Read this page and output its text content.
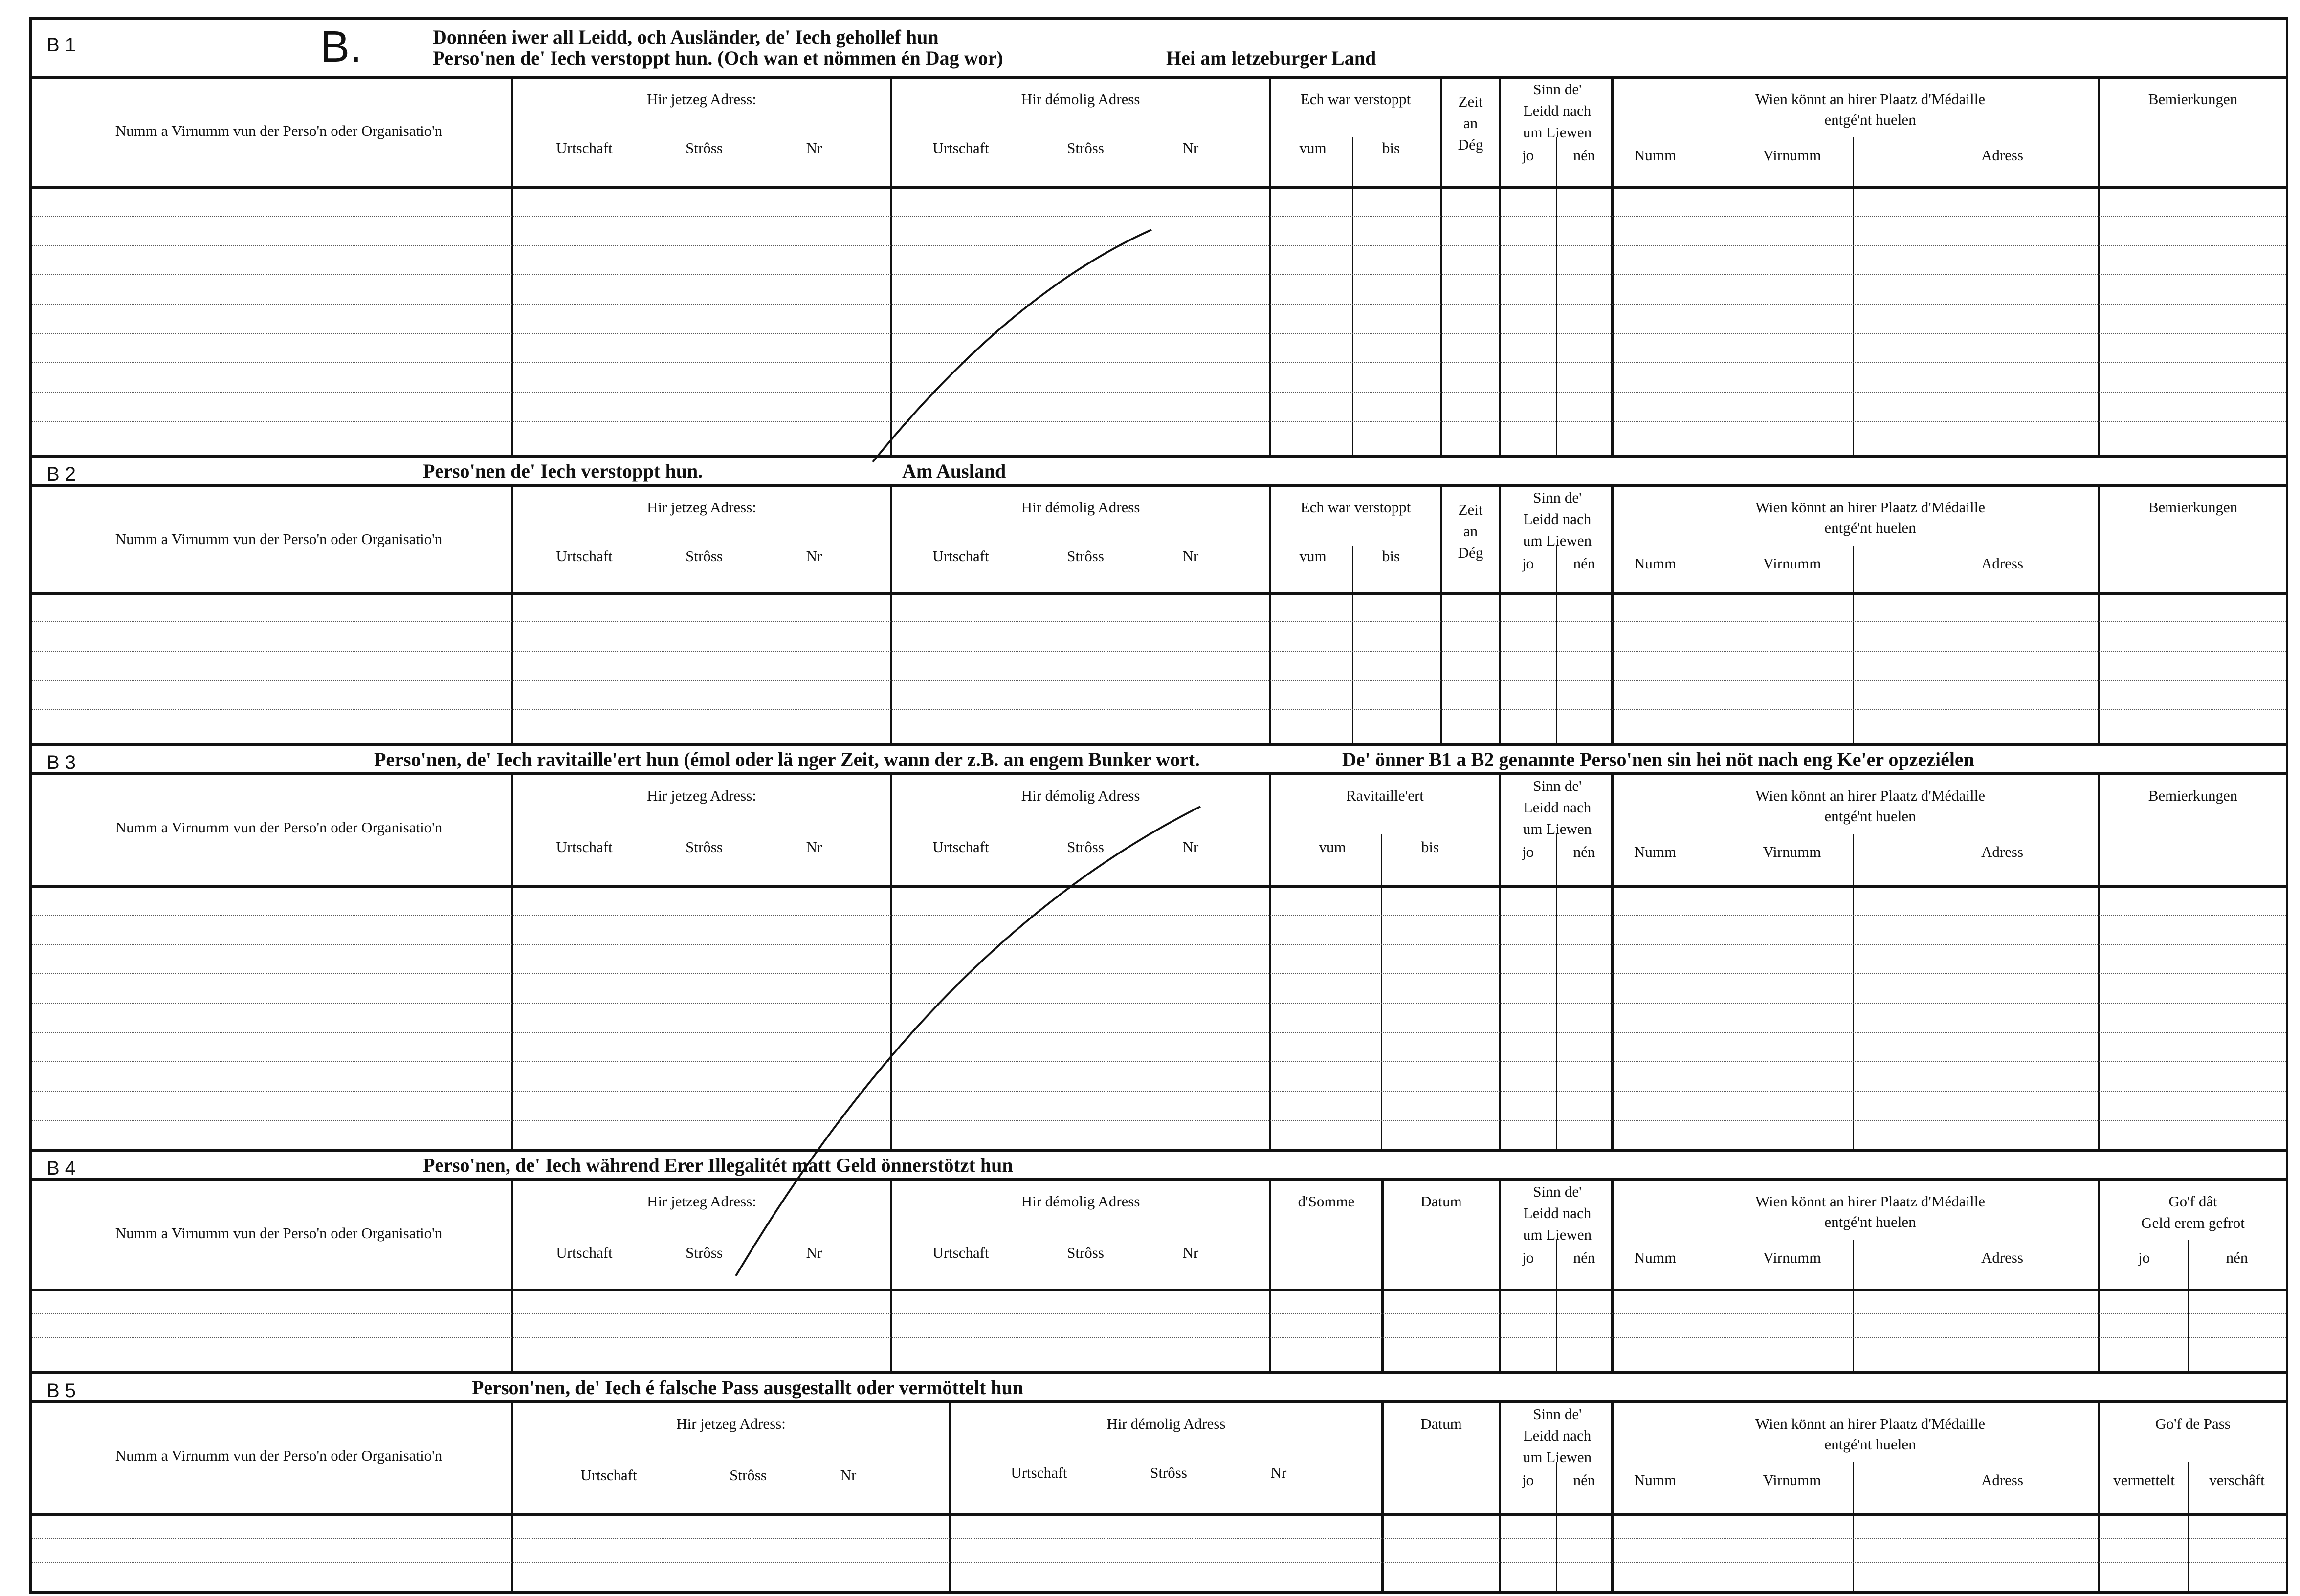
B 1	B.	Donnéen iwer all Leidd, och Ausländer, de' Iech gehollef hun
Perso'nen de' Iech verstoppt hun. (Och wan et nömmen én Dag wor)	Hei am letzeburger Land
Numm a Virnumm vun der Perso'n oder Organisatio'n
Hir jetzeg Adress:
Urtschaft	Strôss	Nr
Hir démolig Adress
Urtschaft	Strôss	Nr
Ech war verstoppt
vum	bis
Zeit
an
Dég
Sinn de'
Leidd nach
um Liewen
jo	nén
Wien könnt an hirer Plaatz d'Médaille
entgé'nt huelen
Numm	Virnumm	Adress
Bemierkungen
B 2	Perso'nen de' Iech verstoppt hun.	Am Ausland
Numm a Virnumm vun der Perso'n oder Organisatio'n
Hir jetzeg Adress:
Urtschaft	Strôss	Nr
Hir démolig Adress
Urtschaft	Strôss	Nr
Ech war verstoppt
vum	bis
Zeit
an
Dég
Sinn de'
Leidd nach
um Liewen
jo	nén
Wien könnt an hirer Plaatz d'Médaille
entgé'nt huelen
Numm	Virnumm	Adress
Bemierkungen
B 3	Perso'nen, de' Iech ravitaille'ert hun (émol oder lä nger Zeit, wann der z.B. an engem Bunker wort.	De' önner B1 a B2 genannte Perso'nen sin hei nöt nach eng Ke'er opzeziélen
Numm a Virnumm vun der Perso'n oder Organisatio'n
Hir jetzeg Adress:
Urtschaft	Strôss	Nr
Hir démolig Adress
Urtschaft	Strôss	Nr
Ravitaille'ert
vum	bis
Sinn de'
Leidd nach
um Liewen
jo	nén
Wien könnt an hirer Plaatz d'Médaille
entgé'nt huelen
Numm	Virnumm	Adress
Bemierkungen
B 4	Perso'nen, de' Iech während Erer Illegalitét matt Geld önnerstötzt hun
Numm a Virnumm vun der Perso'n oder Organisatio'n
Hir jetzeg Adress:
Urtschaft	Strôss	Nr
Hir démolig Adress
Urtschaft	Strôss	Nr
d'Somme	Datum
Sinn de'
Leidd nach
um Liewen
jo	nén
Wien könnt an hirer Plaatz d'Médaille
entgé'nt huelen
Numm	Virnumm	Adress
Go'f dât
Geld erem gefrot
jo	nén
B 5	Person'nen, de' Iech é falsche Pass ausgestallt oder vermöttelt hun
Numm a Virnumm vun der Perso'n oder Organisatio'n
Hir jetzeg Adress:
Urtschaft	Strôss	Nr
Hir démolig Adress
Urtschaft	Strôss	Nr
Datum
Sinn de'
Leidd nach
um Liewen
jo	nén
Wien könnt an hirer Plaatz d'Médaille
entgé'nt huelen
Numm	Virnumm	Adress
Go'f de Pass
vermettelt	verschâft
